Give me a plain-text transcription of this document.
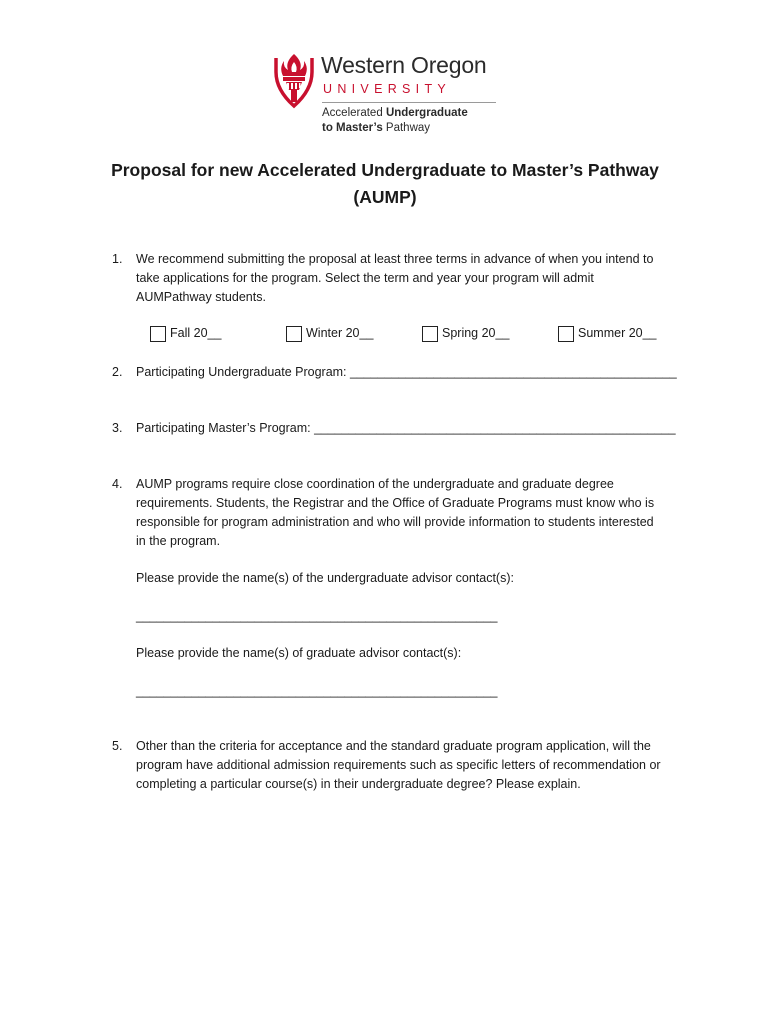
Western Oregon
UNIVERSITY
Accelerated Undergraduate
to Master’s Pathway
Proposal for new Accelerated Undergraduate to Master’s Pathway
(AUMP)
1. We recommend submitting the proposal at least three terms in advance of when you intend to
take applications for the program. Select the term and year your program will admit
AUMPathway students.
Fall 20__	Winter 20__	Spring 20__	Summer 20__
2. Participating Undergraduate Program: _______________________________________________
3. Participating Master’s Program: ____________________________________________________
4. AUMP programs require close coordination of the undergraduate and graduate degree
requirements. Students, the Registrar and the Office of Graduate Programs must know who is
responsible for program administration and who will provide information to students interested
in the program.
Please provide the name(s) of the undergraduate advisor contact(s):
____________________________________________________
Please provide the name(s) of graduate advisor contact(s):
____________________________________________________
5. Other than the criteria for acceptance and the standard graduate program application, will the
program have additional admission requirements such as specific letters of recommendation or
completing a particular course(s) in their undergraduate degree? Please explain.
